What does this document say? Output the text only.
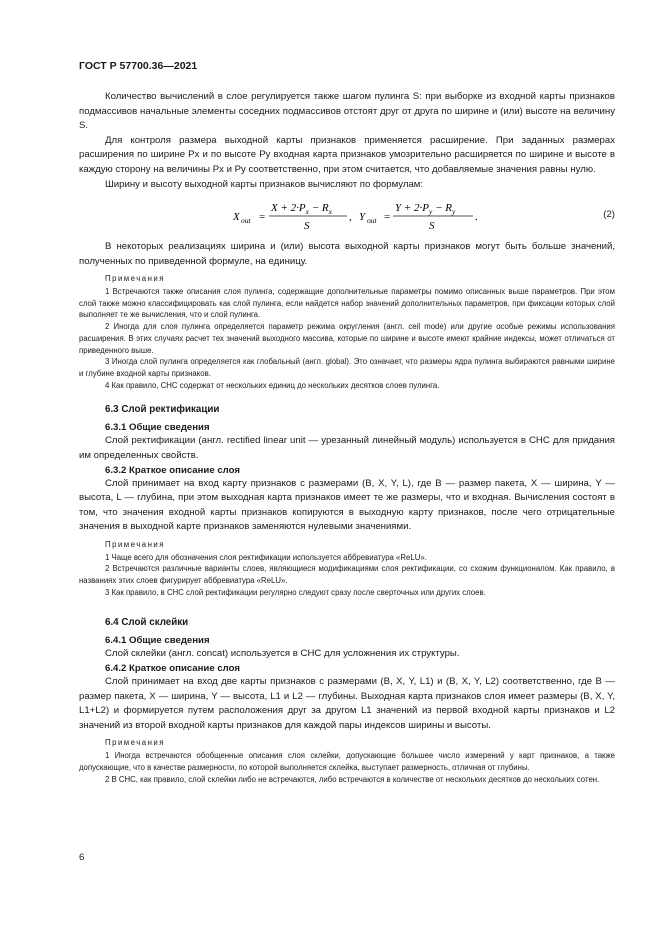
ГОСТ Р 57700.36—2021

Количество вычислений в слое регулируется также шагом пулинга S: при выборке из входной карты признаков подмассивов начальные элементы соседних подмассивов отстоят друг от друга по ширине и (или) высоте на величину S.

Для контроля размера выходной карты признаков применяется расширение. При заданных размерах расширения по ширине Px и по высоте Py входная карта признаков умозрительно расширяется по ширине и высоте в каждую сторону на величины Px и Py соответственно, при этом считается, что добавляемые значения равны нулю.

Ширину и высоту выходной карты признаков вычисляют по формулам:

X out =
$X + 2\cdot P_x - R_x$
S
, Y out =
$Y + 2\cdot P_y - R_y$
S
.	(2)

В некоторых реализациях ширина и (или) высота выходной карты признаков могут быть больше значений, полученных по приведенной формуле, на единицу.

Примечания

1 Встречаются также описания слоя пулинга, содержащие дополнительные параметры помимо описанных выше параметров. При этом слой также можно классифицировать как слой пулинга, если найдется набор значений дополнительных параметров, при фиксации которых слой выполняет те же вычисления, что и слой пулинга.

2 Иногда для слоя пулинга определяется параметр режима округления (англ. ceil mode) или другие особые режимы использования расширения. В этих случаях расчет тех значений выходного массива, которые по ширине и высоте имеют крайние индексы, может отличаться от приведенного выше.

3 Иногда слой пулинга определяется как глобальный (англ. global). Это означает, что размеры ядра пулинга выбираются равными ширине и глубине входной карты признаков.

4 Как правило, СНС содержат от нескольких единиц до нескольких десятков слоев пулинга.

6.3 Слой ректификации
6.3.1 Общие сведения

Слой ректификации (англ. rectified linear unit — урезанный линейный модуль) используется в СНС для придания им определенных свойств.

6.3.2 Краткое описание слоя

Слой принимает на вход карту признаков с размерами (B, X, Y, L), где B — размер пакета, X — ширина, Y — высота, L — глубина, при этом выходная карта признаков имеет те же размеры, что и входная. Вычисления состоят в том, что значения входной карты признаков копируются в выходную карту признаков, после чего отрицательные значения в выходной карте признаков заменяются нулевыми значениями.

Примечания

1 Чаще всего для обозначения слоя ректификации используется аббревиатура «ReLU».

2 Встречаются различные варианты слоев, являющиеся модификациями слоя ректификации, со схожим функционалом. Как правило, в названиях этих слоев фигурирует аббревиатура «ReLU».

3 Как правило, в СНС слой ректификации регулярно следуют сразу после сверточных или других слоев.

6.4 Слой склейки
6.4.1 Общие сведения

Слой склейки (англ. concat) используется в СНС для усложнения их структуры.

6.4.2 Краткое описание слоя

Слой принимает на вход две карты признаков с размерами (B, X, Y, L1) и (B, X, Y, L2) соответственно, где B — размер пакета, X — ширина, Y — высота, L1 и L2 — глубины. Выходная карта признаков слоя имеет размеры (B, X, Y, L1+L2) и формируется путем расположения друг за другом L1 значений из первой входной карты признаков и L2 значений из второй входной карты признаков для каждой пары индексов ширины и высоты.

Примечания

1 Иногда встречаются обобщенные описания слоя склейки, допускающие большее число измерений у карт признаков, а также допускающие, что в качестве размерности, по которой выполняется склейка, выступает размерность, отличная от глубины.

2 В СНС, как правило, слой склейки либо не встречаются, либо встречаются в количестве от нескольких десятков до нескольких сотен.

6
